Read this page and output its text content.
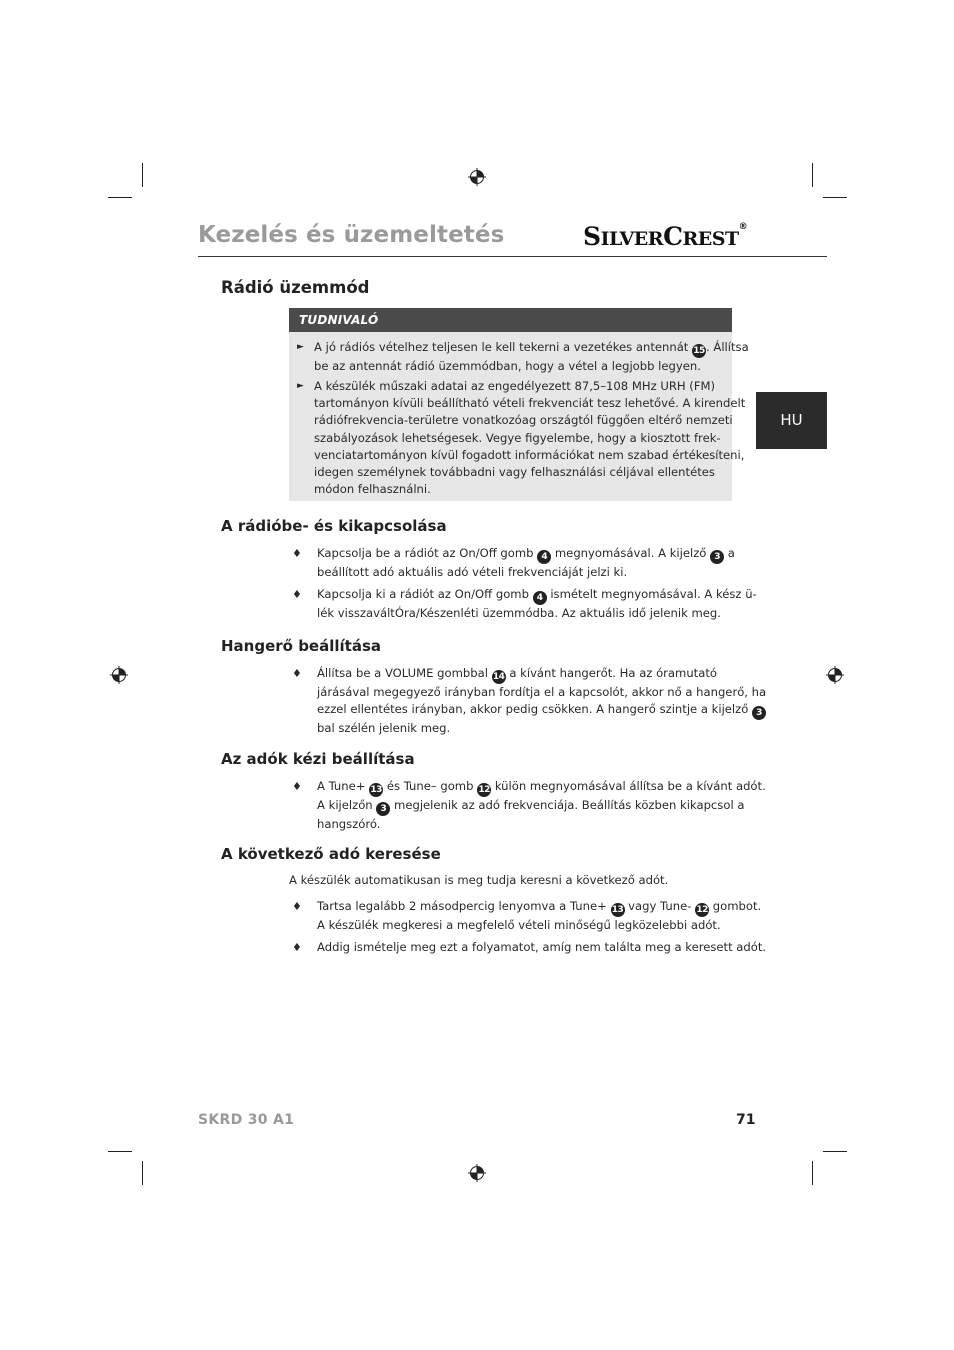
Kezelés és üzemeltetés	SILVERCREST®
HU
Rádió üzemmód
TUDNIVALÓ
► A jó rádiós vételhez teljesen le kell tekerni a vezetékes antennát 15. Állítsa
be az antennát rádió üzemmódban, hogy a vétel a legjobb legyen.
► A készülék műszaki adatai az engedélyezett 87,5–108 MHz URH (FM)
tartományon kívüli beállítható vételi frekvenciát tesz lehetővé. A kirendelt
rádiófrekvencia-területre vonatkozóag országtól függően eltérő nemzeti
szabályozások lehetségesek. Vegye figyelembe, hogy a kiosztott frek-
venciatartományon kívül fogadott információkat nem szabad értékesíteni,
idegen személynek továbbadni vagy felhasználási céljával ellentétes
módon felhasználni.
A rádióbe- és kikapcsolása
♦ Kapcsolja be a rádiót az On/Off gomb 4 megnyomásával. A kijelző 3 a
beállított adó aktuális adó vételi frekvenciáját jelzi ki.
♦ Kapcsolja ki a rádiót az On/Off gomb 4 ismételt megnyomásával. A kész ü-
lék visszaváltÓra/Készenléti üzemmódba. Az aktuális idő jelenik meg.
Hangerő beállítása
♦ Állítsa be a VOLUME gombbal 14 a kívánt hangerőt. Ha az óramutató
járásával megegyező irányban fordítja el a kapcsolót, akkor nő a hangerő, ha
ezzel ellentétes irányban, akkor pedig csökken. A hangerő szintje a kijelző 3
bal szélén jelenik meg.
Az adók kézi beállítása
♦ A Tune+ 13 és Tune– gomb 12 külön megnyomásával állítsa be a kívánt adót.
A kijelzőn 3 megjelenik az adó frekvenciája. Beállítás közben kikapcsol a
hangszóró.
A következő adó keresése
A készülék automatikusan is meg tudja keresni a következő adót.
♦ Tartsa legalább 2 másodpercig lenyomva a Tune+ 13 vagy Tune- 12 gombot.
A készülék megkeresi a megfelelő vételi minőségű legközelebbi adót.
♦ Addig ismételje meg ezt a folyamatot, amíg nem találta meg a keresett adót.
SKRD 30 A1	71
